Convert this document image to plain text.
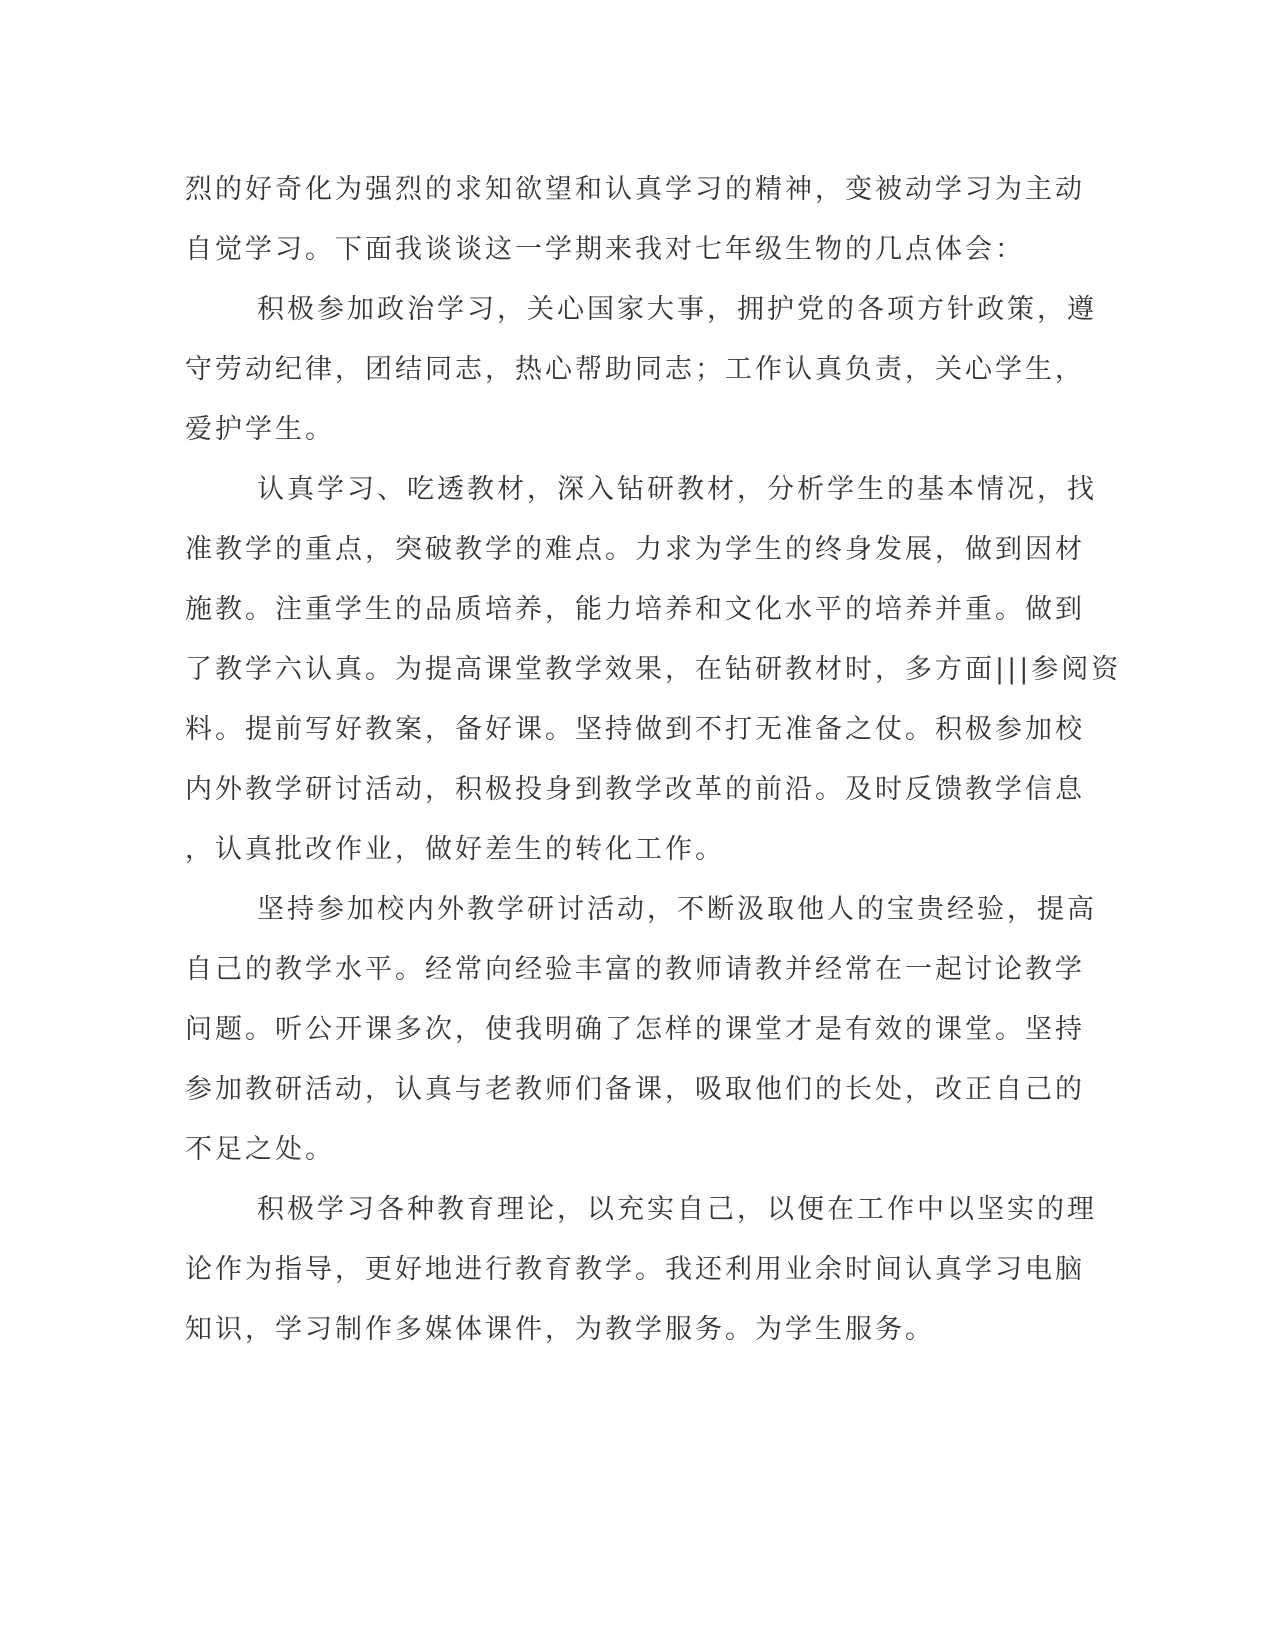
烈的好奇化为强烈的求知欲望和认真学习的精神，变被动学习为主动
自觉学习。下面我谈谈这一学期来我对七年级生物的几点体会：
积极参加政治学习，关心国家大事，拥护党的各项方针政策，遵
守劳动纪律，团结同志，热心帮助同志；工作认真负责，关心学生，
爱护学生。
认真学习、吃透教材，深入钻研教材，分析学生的基本情况，找
准教学的重点，突破教学的难点。力求为学生的终身发展，做到因材
施教。注重学生的品质培养，能力培养和文化水平的培养并重。做到
了教学六认真。为提高课堂教学效果，在钻研教材时，多方面|||参阅资
料。提前写好教案，备好课。坚持做到不打无准备之仗。积极参加校
内外教学研讨活动，积极投身到教学改革的前沿。及时反馈教学信息
，认真批改作业，做好差生的转化工作。
坚持参加校内外教学研讨活动，不断汲取他人的宝贵经验，提高
自己的教学水平。经常向经验丰富的教师请教并经常在一起讨论教学
问题。听公开课多次，使我明确了怎样的课堂才是有效的课堂。坚持
参加教研活动，认真与老教师们备课，吸取他们的长处，改正自己的
不足之处。
积极学习各种教育理论，以充实自己，以便在工作中以坚实的理
论作为指导，更好地进行教育教学。我还利用业余时间认真学习电脑
知识，学习制作多媒体课件，为教学服务。为学生服务。
